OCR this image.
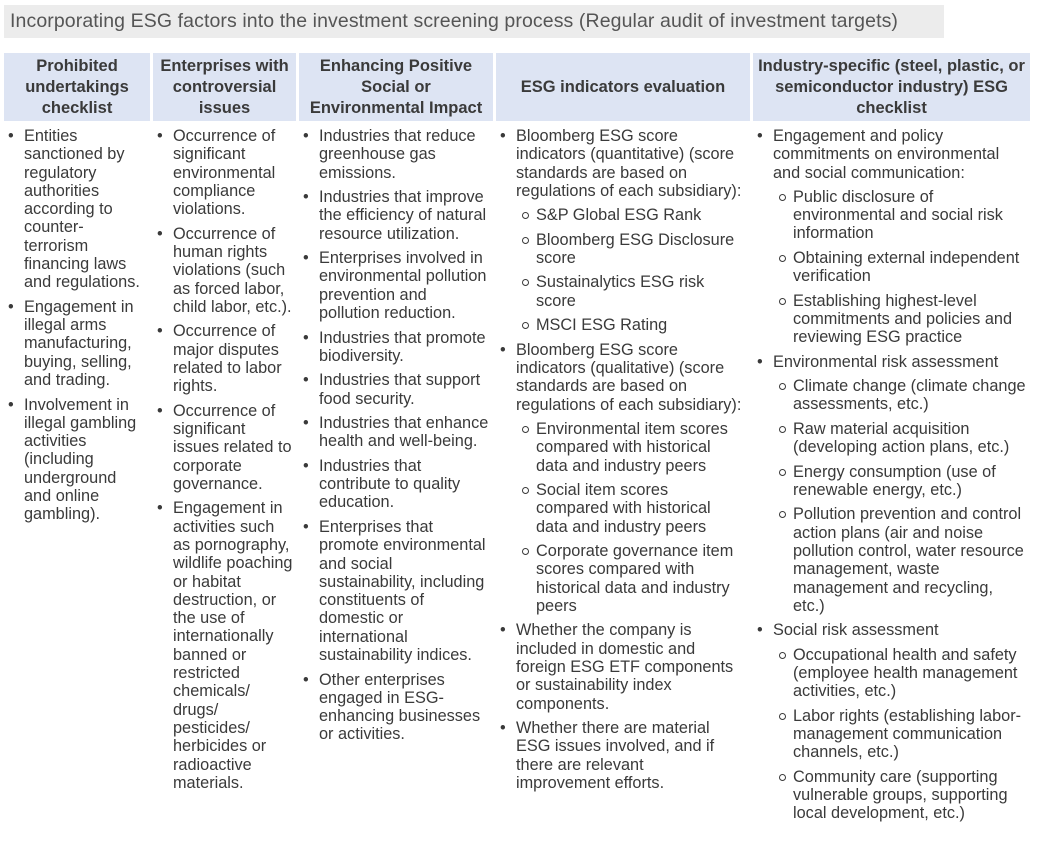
Incorporating ESG factors into the investment screening process (Regular audit of investment targets)
Prohibited undertakings checklist
• Entities sanctioned by regulatory authorities according to counter-terrorism financing laws and regulations.
• Engagement in illegal arms manufacturing, buying, selling, and trading.
• Involvement in illegal gambling activities (including underground and online gambling).
Enterprises with controversial issues
• Occurrence of significant environmental compliance violations.
• Occurrence of human rights violations (such as forced labor, child labor, etc.).
• Occurrence of major disputes related to labor rights.
• Occurrence of significant issues related to corporate governance.
• Engagement in activities such as pornography, wildlife poaching or habitat destruction, or the use of internationally banned or restricted chemicals/ drugs/ pesticides/ herbicides or radioactive materials.
Enhancing Positive Social or Environmental Impact
• Industries that reduce greenhouse gas emissions.
• Industries that improve the efficiency of natural resource utilization.
• Enterprises involved in environmental pollution prevention and pollution reduction.
• Industries that promote biodiversity.
• Industries that support food security.
• Industries that enhance health and well-being.
• Industries that contribute to quality education.
• Enterprises that promote environmental and social sustainability, including constituents of domestic or international sustainability indices.
• Other enterprises engaged in ESG-enhancing businesses or activities.
ESG indicators evaluation
• Bloomberg ESG score indicators (quantitative) (score standards are based on regulations of each subsidiary):
S&P Global ESG Rank
Bloomberg ESG Disclosure score
Sustainalytics ESG risk score
MSCI ESG Rating
• Bloomberg ESG score indicators (qualitative) (score standards are based on regulations of each subsidiary):
Environmental item scores compared with historical data and industry peers
Social item scores compared with historical data and industry peers
Corporate governance item scores compared with historical data and industry peers
• Whether the company is included in domestic and foreign ESG ETF components or sustainability index components.
• Whether there are material ESG issues involved, and if there are relevant improvement efforts.
Industry-specific (steel, plastic, or semiconductor industry) ESG checklist
• Engagement and policy commitments on environmental and social communication:
Public disclosure of environmental and social risk information
Obtaining external independent verification
Establishing highest-level commitments and policies and reviewing ESG practice
• Environmental risk assessment
Climate change (climate change assessments, etc.)
Raw material acquisition (developing action plans, etc.)
Energy consumption (use of renewable energy, etc.)
Pollution prevention and control action plans (air and noise pollution control, water resource management, waste management and recycling, etc.)
• Social risk assessment
Occupational health and safety (employee health management activities, etc.)
Labor rights (establishing labor-management communication channels, etc.)
Community care (supporting vulnerable groups, supporting local development, etc.)
